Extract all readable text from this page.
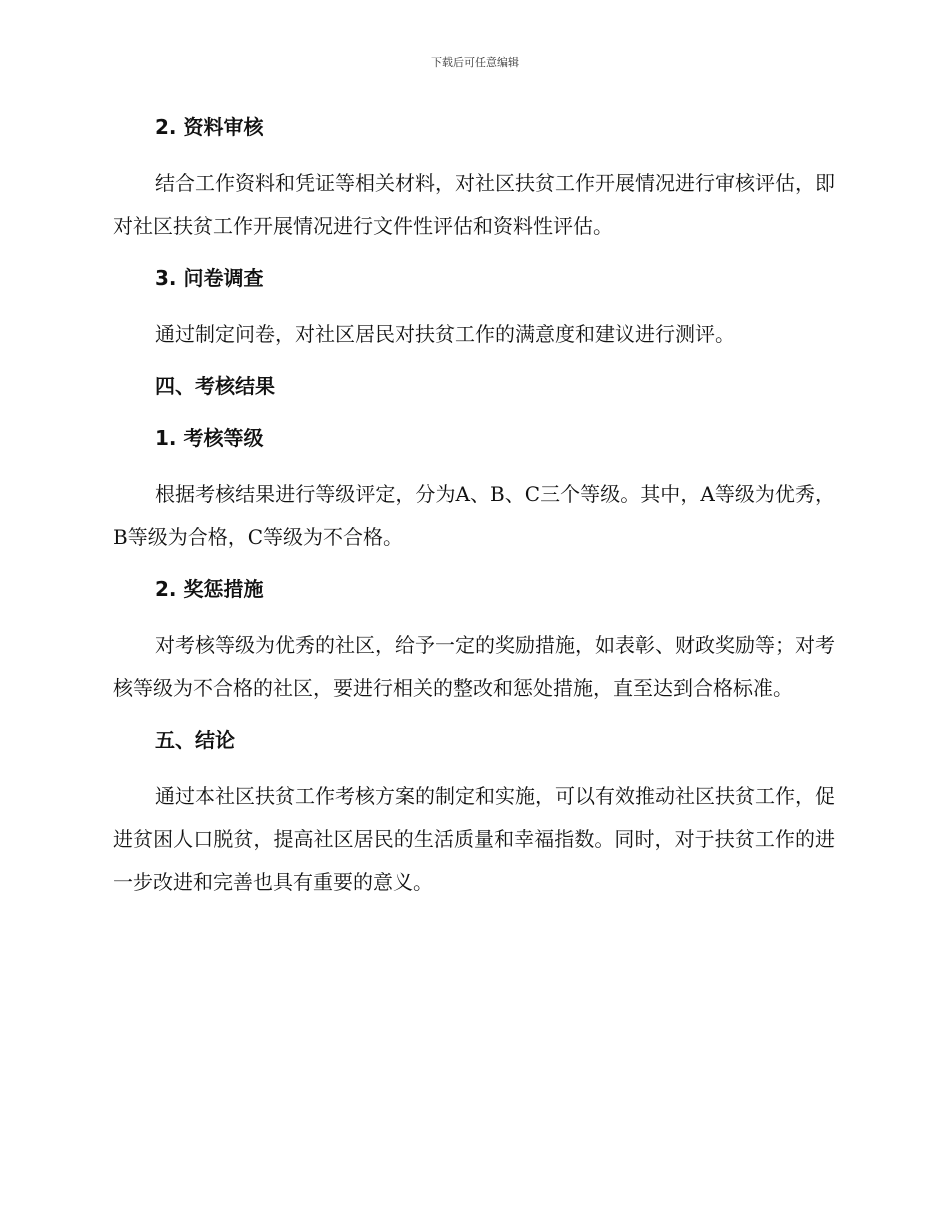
下载后可任意编辑

2. 资料审核

结合工作资料和凭证等相关材料，对社区扶贫工作开展情况进行审核评估，即对社区扶贫工作开展情况进行文件性评估和资料性评估。

3. 问卷调查

通过制定问卷，对社区居民对扶贫工作的满意度和建议进行测评。

四、考核结果

1. 考核等级

根据考核结果进行等级评定，分为A、B、C三个等级。其中，A等级为优秀，B等级为合格，C等级为不合格。

2. 奖惩措施

对考核等级为优秀的社区，给予一定的奖励措施，如表彰、财政奖励等；对考核等级为不合格的社区，要进行相关的整改和惩处措施，直至达到合格标准。

五、结论

通过本社区扶贫工作考核方案的制定和实施，可以有效推动社区扶贫工作，促进贫困人口脱贫，提高社区居民的生活质量和幸福指数。同时，对于扶贫工作的进一步改进和完善也具有重要的意义。
